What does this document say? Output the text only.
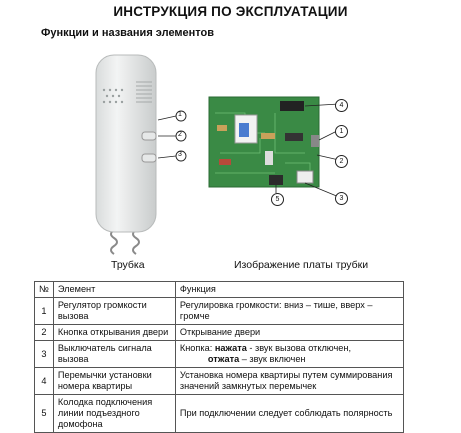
ИНСТРУКЦИЯ ПО ЭКСПЛУАТАЦИИ
Функции и названия элементов
1
2
3
4
1
2
5	3
Трубка	Изображение платы трубки
№	Элемент	Функция
1	Регулятор громкости вызова	Регулировка громкости: вниз – тише, вверх – громче
2	Кнопка открывания двери	Открывание двери
3	Выключатель сигнала вызова	Кнопка: нажата - звук вызова отключен,
отжата – звук включен
4	Перемычки установки номера квартиры	Установка номера квартиры путем суммирования значений замкнутых перемычек
5	Колодка подключения линии подъездного домофона	При подключении следует соблюдать полярность
